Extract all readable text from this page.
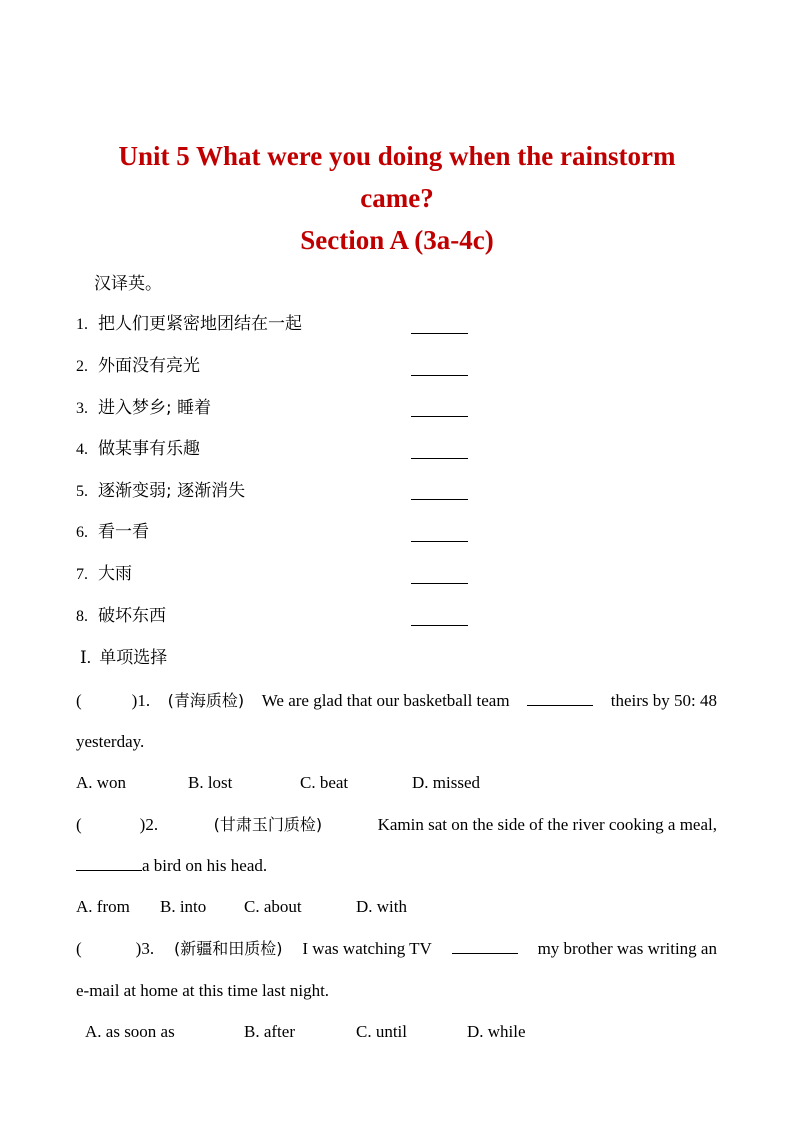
Unit 5 What were you doing when the rainstorm
came?
Section A (3a-4c)
汉译英。
1. 把人们更紧密地团结在一起
2. 外面没有亮光
3. 进入梦乡; 睡着
4. 做某事有乐趣
5. 逐渐变弱; 逐渐消失
6. 看一看
7. 大雨
8. 破坏东西
Ⅰ. 单项选择
(	)1. (青海质检) We are glad that our basketball team	theirs by 50: 48
yesterday.
A. won	B. lost	C. beat	D. missed
(	)2.	(甘肃玉门质检)	Kamin sat on the side of the river cooking a meal,
a bird on his head.
A. from B. into C. about	D. with
(	)3. (新疆和田质检) I was watching TV	my brother was writing an
e-mail at home at this time last night.
A. as soon as	B. after	C. until	D. while
